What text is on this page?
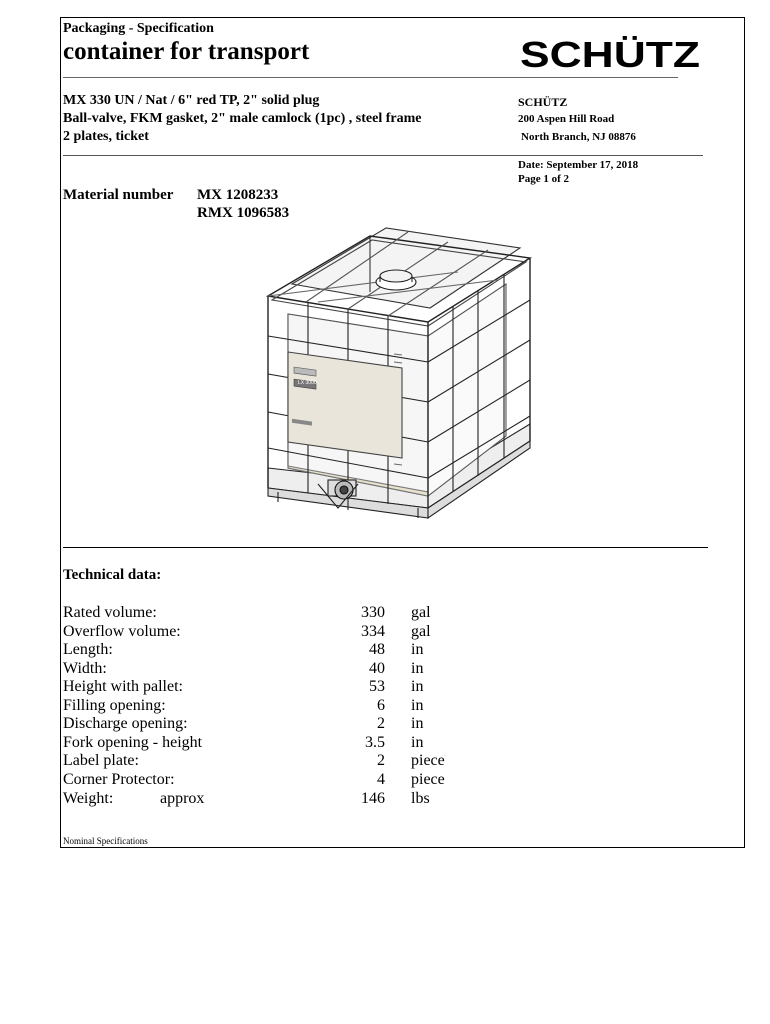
Packaging - Specification
container for transport	SCHÜTZ
MX 330 UN / Nat / 6" red TP, 2" solid plug
Ball-valve, FKM gasket, 2" male camlock (1pc) , steel frame
2 plates, ticket
SCHÜTZ
200 Aspen Hill Road
North Branch, NJ 08876
Date: September 17, 2018
Page 1 of 2
Material number MX 1208233
RMX 1096583
LX 3000
Technical data:
Rated volume:	330 gal
Overflow volume:	334 gal
Length:	48 in
Width:	40 in
Height with pallet:	53 in
Filling opening:	6 in
Discharge opening:	2 in
Fork opening - height	3.5 in
Label plate:	2 piece
Corner Protector:	4 piece
Weight:	approx	146 lbs
Nominal Specifications
